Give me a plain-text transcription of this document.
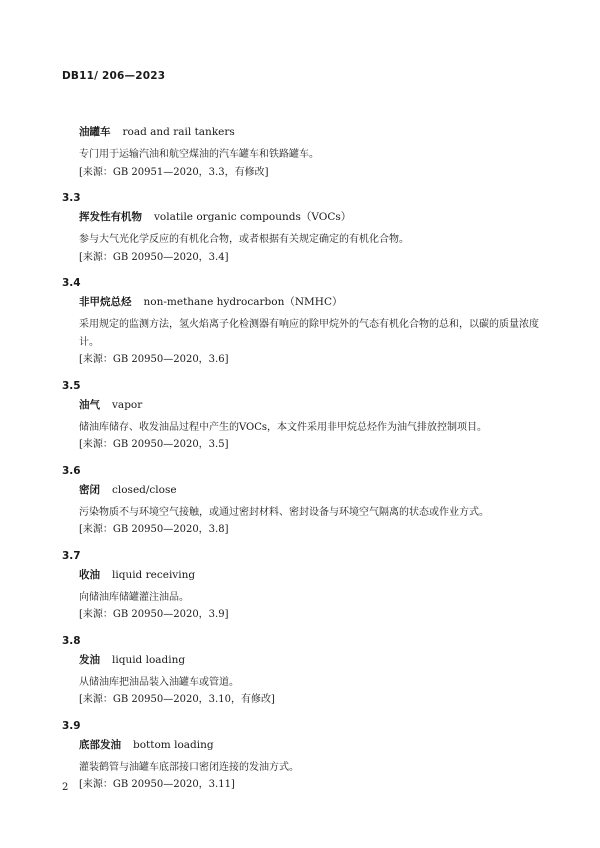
DB11/ 206—2023
油罐车 road and rail tankers
专门用于运输汽油和航空煤油的汽车罐车和铁路罐车。
[来源：GB 20951—2020，3.3，有修改]
3.3
挥发性有机物 volatile organic compounds（VOCs）
参与大气光化学反应的有机化合物，或者根据有关规定确定的有机化合物。
[来源：GB 20950—2020，3.4]
3.4
非甲烷总烃 non-methane hydrocarbon（NMHC）
采用规定的监测方法，氢火焰离子化检测器有响应的除甲烷外的气态有机化合物的总和，以碳的质量浓度计。
[来源：GB 20950—2020，3.6]
3.5
油气 vapor
储油库储存、收发油品过程中产生的VOCs，本文件采用非甲烷总烃作为油气排放控制项目。
[来源：GB 20950—2020，3.5]
3.6
密闭 closed/close
污染物质不与环境空气接触，或通过密封材料、密封设备与环境空气隔离的状态或作业方式。
[来源：GB 20950—2020，3.8]
3.7
收油 liquid receiving
向储油库储罐灌注油品。
[来源：GB 20950—2020，3.9]
3.8
发油 liquid loading
从储油库把油品装入油罐车或管道。
[来源：GB 20950—2020，3.10，有修改]
3.9
底部发油 bottom loading
灌装鹤管与油罐车底部接口密闭连接的发油方式。
[来源：GB 20950—2020，3.11]
2
